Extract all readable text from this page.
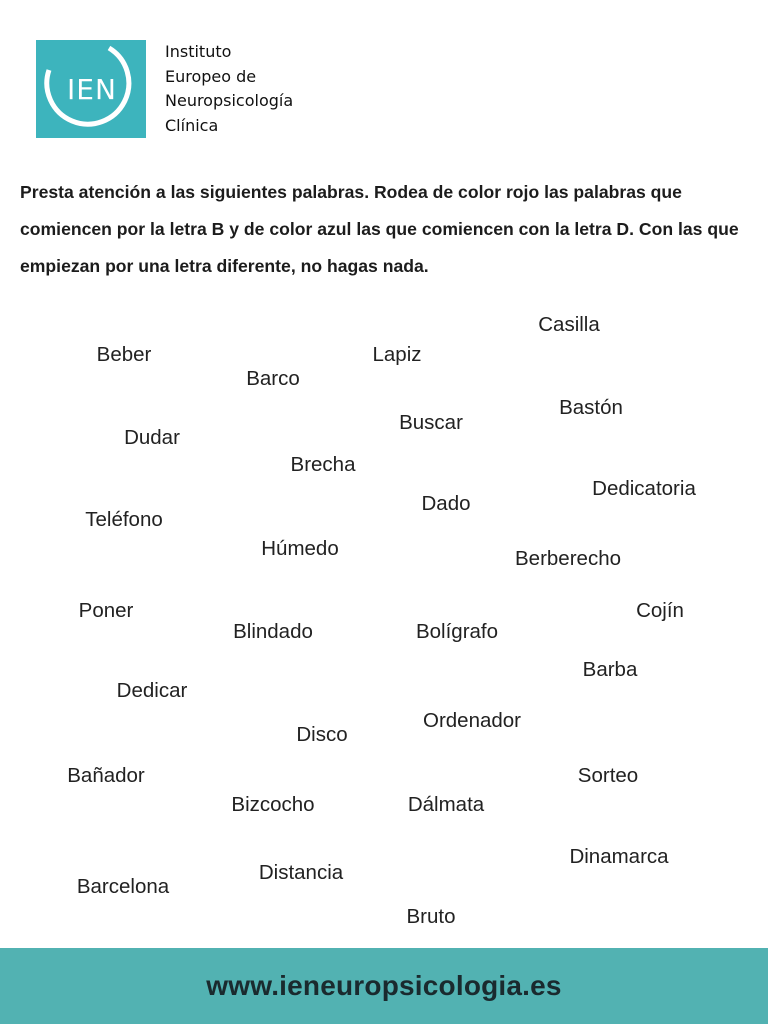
IEN
Instituto
Europeo de
Neuropsicología
Clínica

Presta atención a las siguientes palabras. Rodea de color rojo las palabras que comiencen por la letra B y de color azul las que comiencen con la letra D. Con las que empiezan por una letra diferente, no hagas nada.

Casilla
Beber	Lapiz
Barco
Bastón
Buscar
Dudar
Brecha
Dedicatoria
Dado
Teléfono
Húmedo	Berberecho
Poner	Cojín
Blindado	Bolígrafo
Barba
Dedicar
Ordenador
Disco
Bañador	Sorteo
Bizcocho	Dálmata
Dinamarca
Distancia
Barcelona
Bruto
www.ieneuropsicologia.es
